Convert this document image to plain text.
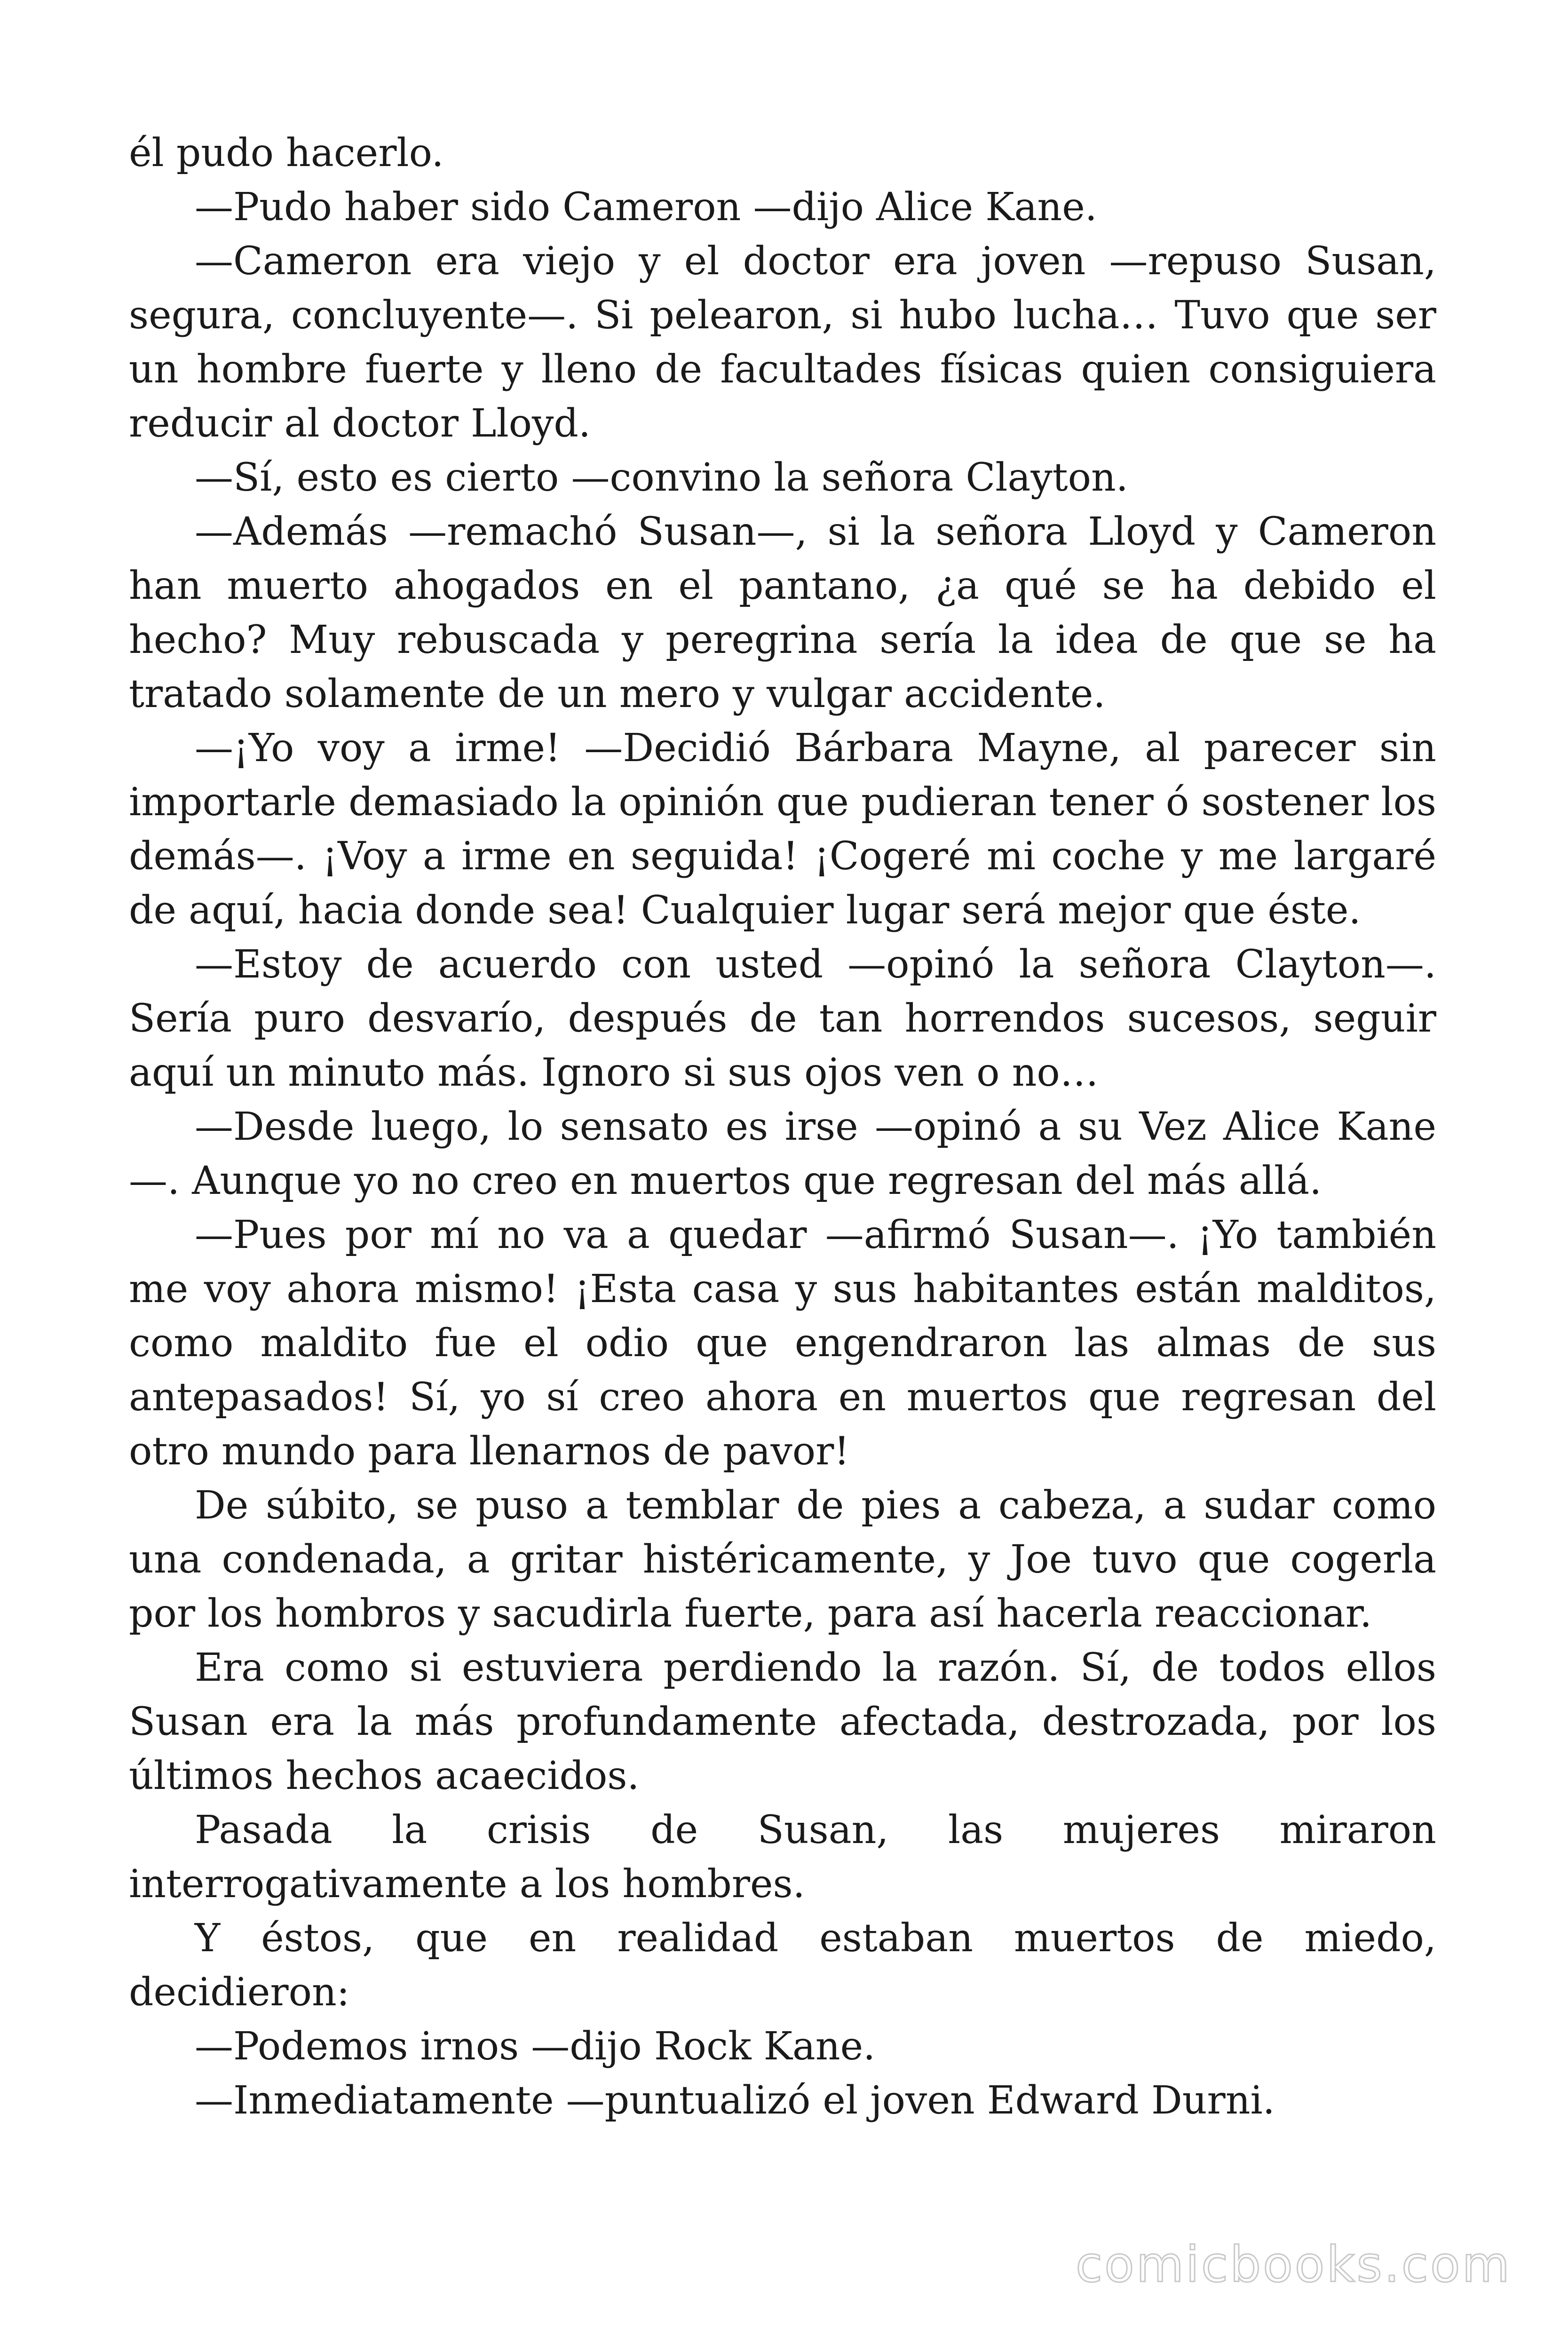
él pudo hacerlo.

—Pudo haber sido Cameron —dijo Alice Kane.

—Cameron era viejo y el doctor era joven —repuso Susan, segura, concluyente—. Si pelearon, si hubo lucha… Tuvo que ser un hombre fuerte y lleno de facultades físicas quien consiguiera reducir al doctor Lloyd.

—Sí, esto es cierto —convino la señora Clayton.

—Además —remachó Susan—, si la señora Lloyd y Cameron han muerto ahogados en el pantano, ¿a qué se ha debido el hecho? Muy rebuscada y peregrina sería la idea de que se ha tratado solamente de un mero y vulgar accidente.

—¡Yo voy a irme! —Decidió Bárbara Mayne, al parecer sin importarle demasiado la opinión que pudieran tener ó sostener los demás—. ¡Voy a irme en seguida! ¡Cogeré mi coche y me largaré de aquí, hacia donde sea! Cualquier lugar será mejor que éste.

—Estoy de acuerdo con usted —opinó la señora Clayton—. Sería puro desvarío, después de tan horrendos sucesos, seguir aquí un minuto más. Ignoro si sus ojos ven o no…

—Desde luego, lo sensato es irse —opinó a su Vez Alice Kane—. Aunque yo no creo en muertos que regresan del más allá.

—Pues por mí no va a quedar —afirmó Susan—. ¡Yo también me voy ahora mismo! ¡Esta casa y sus habitantes están malditos, como maldito fue el odio que engendraron las almas de sus antepasados! Sí, yo sí creo ahora en muertos que regresan del otro mundo para llenarnos de pavor!

De súbito, se puso a temblar de pies a cabeza, a sudar como una condenada, a gritar histéricamente, y Joe tuvo que cogerla por los hombros y sacudirla fuerte, para así hacerla reaccionar.

Era como si estuviera perdiendo la razón. Sí, de todos ellos Susan era la más profundamente afectada, destrozada, por los últimos hechos acaecidos.

Pasada la crisis de Susan, las mujeres miraron interrogativamente a los hombres.

Y éstos, que en realidad estaban muertos de miedo, decidieron:

—Podemos irnos —dijo Rock Kane.

—Inmediatamente —puntualizó el joven Edward Durni.

comicbooks.com
